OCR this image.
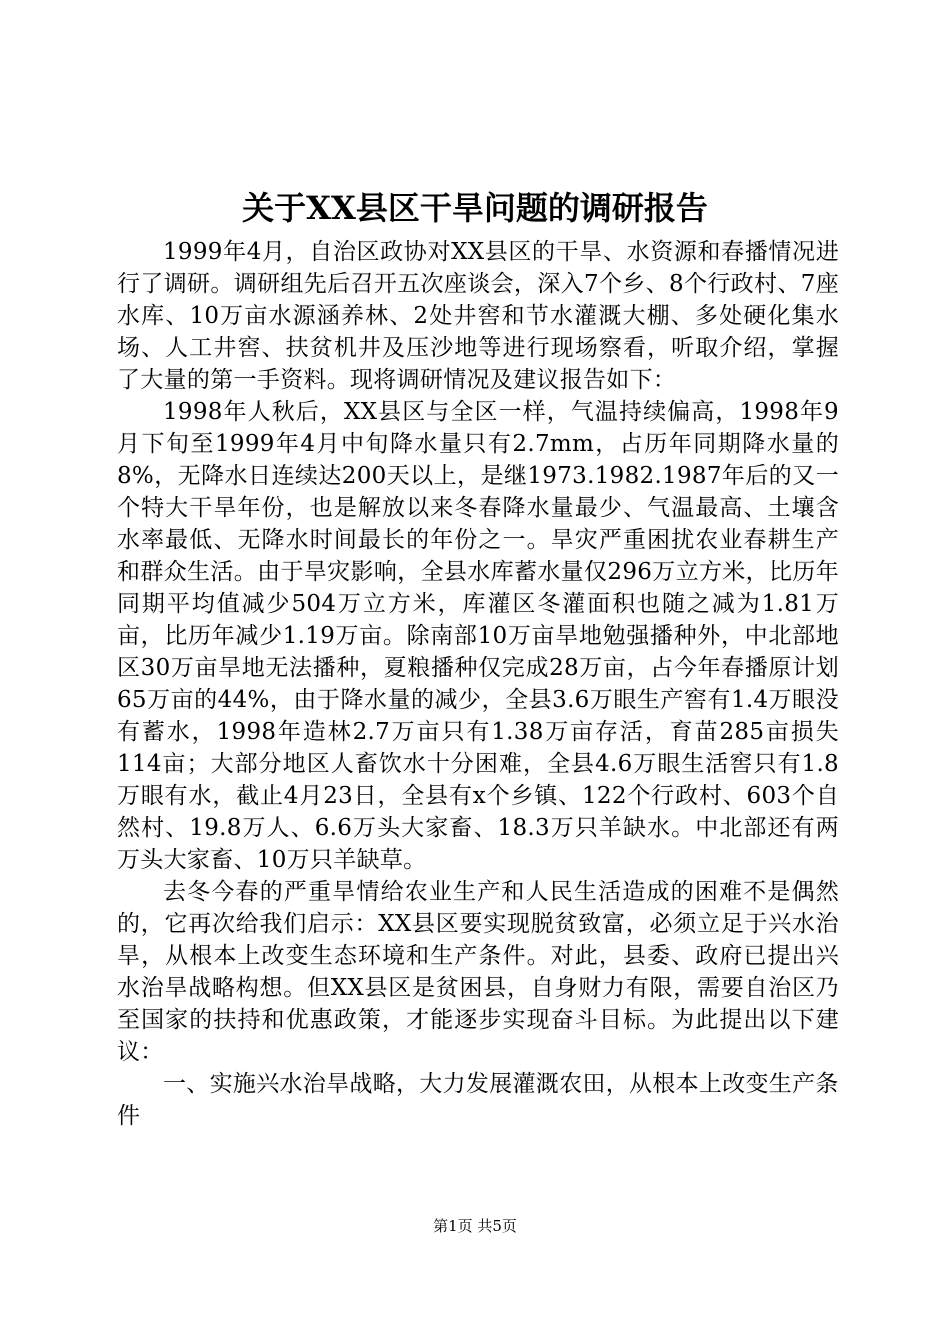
关于XX县区干旱问题的调研报告

1999年4月，自治区政协对XX县区的干旱、水资源和春播情况进行了调研。调研组先后召开五次座谈会，深入7个乡、8个行政村、7座水库、10万亩水源涵养林、2处井窖和节水灌溉大棚、多处硬化集水场、人工井窖、扶贫机井及压沙地等进行现场察看，听取介绍，掌握了大量的第一手资料。现将调研情况及建议报告如下：

1998年人秋后，XX县区与全区一样，气温持续偏高，1998年9月下旬至1999年4月中旬降水量只有2.7mm，占历年同期降水量的8%，无降水日连续达200天以上，是继1973.1982.1987年后的又一个特大干旱年份，也是解放以来冬春降水量最少、气温最高、土壤含水率最低、无降水时间最长的年份之一。旱灾严重困扰农业春耕生产和群众生活。由于旱灾影响，全县水库蓄水量仅296万立方米，比历年同期平均值减少504万立方米，库灌区冬灌面积也随之减为1.81万亩，比历年减少1.19万亩。除南部10万亩旱地勉强播种外，中北部地区30万亩旱地无法播种，夏粮播种仅完成28万亩，占今年春播原计划65万亩的44%，由于降水量的减少，全县3.6万眼生产窖有1.4万眼没有蓄水，1998年造林2.7万亩只有1.38万亩存活，育苗285亩损失114亩；大部分地区人畜饮水十分困难，全县4.6万眼生活窖只有1.8万眼有水，截止4月23日，全县有x个乡镇、122个行政村、603个自然村、19.8万人、6.6万头大家畜、18.3万只羊缺水。中北部还有两万头大家畜、10万只羊缺草。

去冬今春的严重旱情给农业生产和人民生活造成的困难不是偶然的，它再次给我们启示：XX县区要实现脱贫致富，必须立足于兴水治旱，从根本上改变生态环境和生产条件。对此，县委、政府已提出兴水治旱战略构想。但XX县区是贫困县，自身财力有限，需要自治区乃至国家的扶持和优惠政策，才能逐步实现奋斗目标。为此提出以下建议：

一、实施兴水治旱战略，大力发展灌溉农田，从根本上改变生产条件

第1页 共5页
